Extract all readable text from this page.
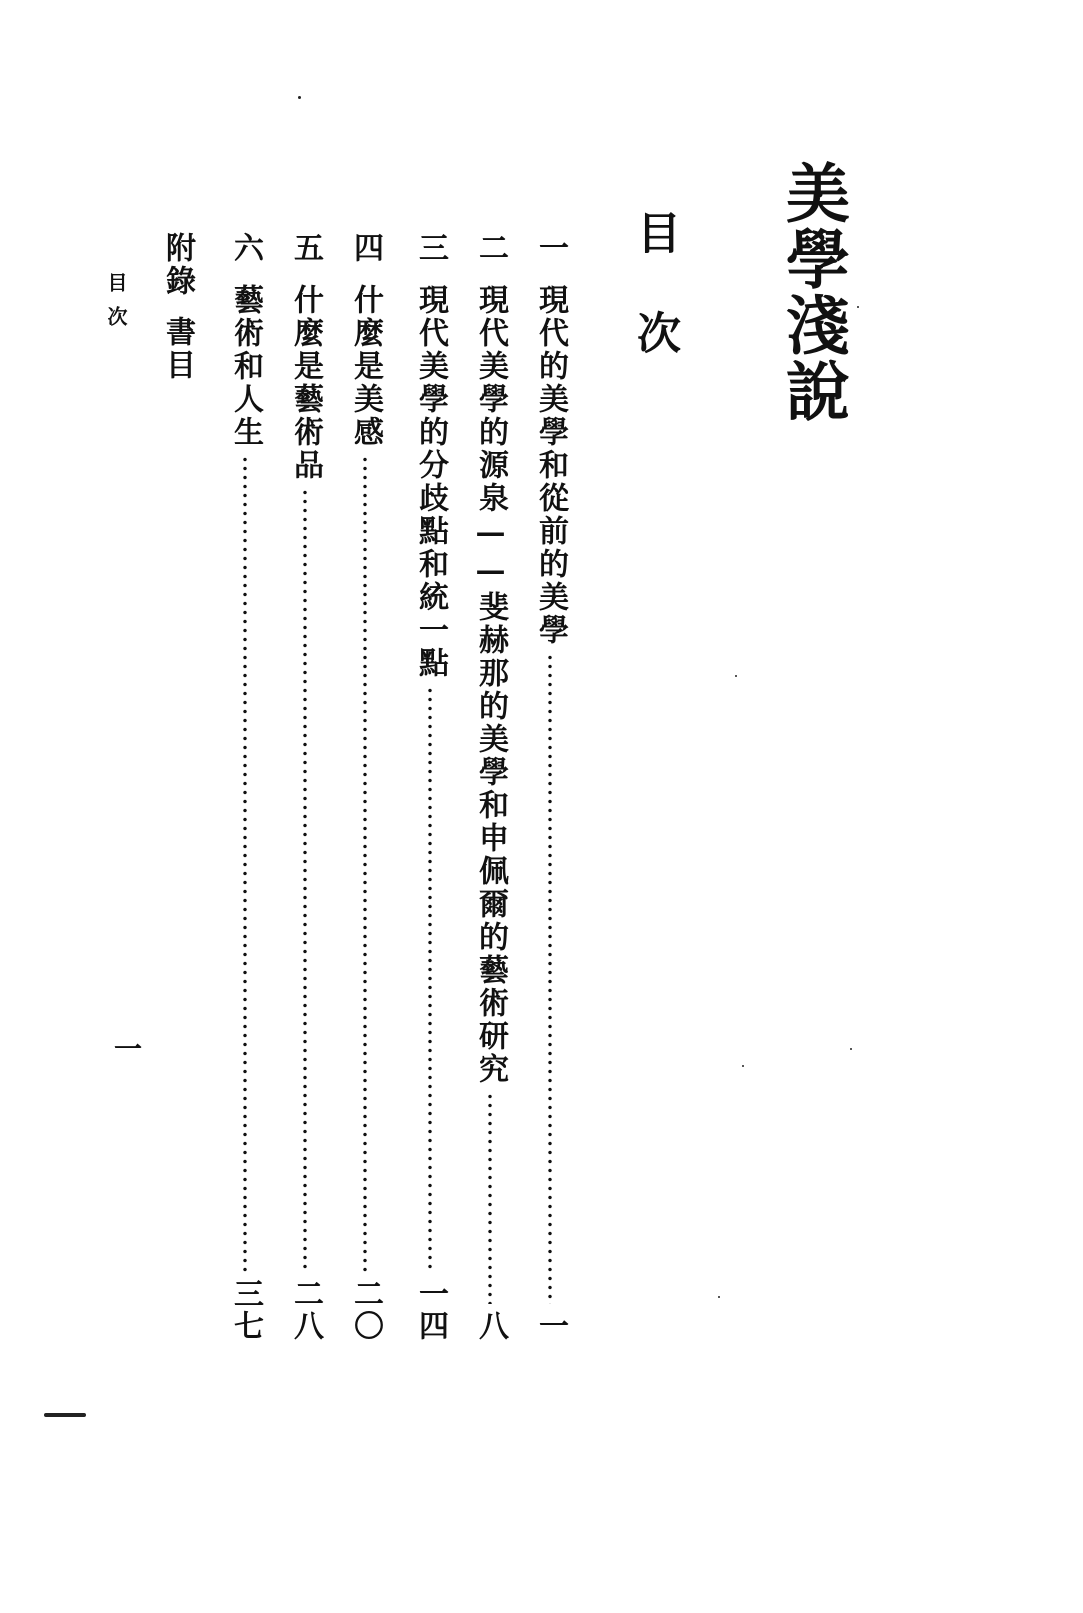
美學淺說
目次
一
現代的美學和從前的美學
一
二
現代美學的源泉——斐赫那的美學和申佩爾的藝術研究
八
三
現代美學的分歧點和統一點
一四
四
什麼是美感
二〇
五
什麼是藝術品
二八
六
藝術和人生
三七
附錄書目
目次
一
